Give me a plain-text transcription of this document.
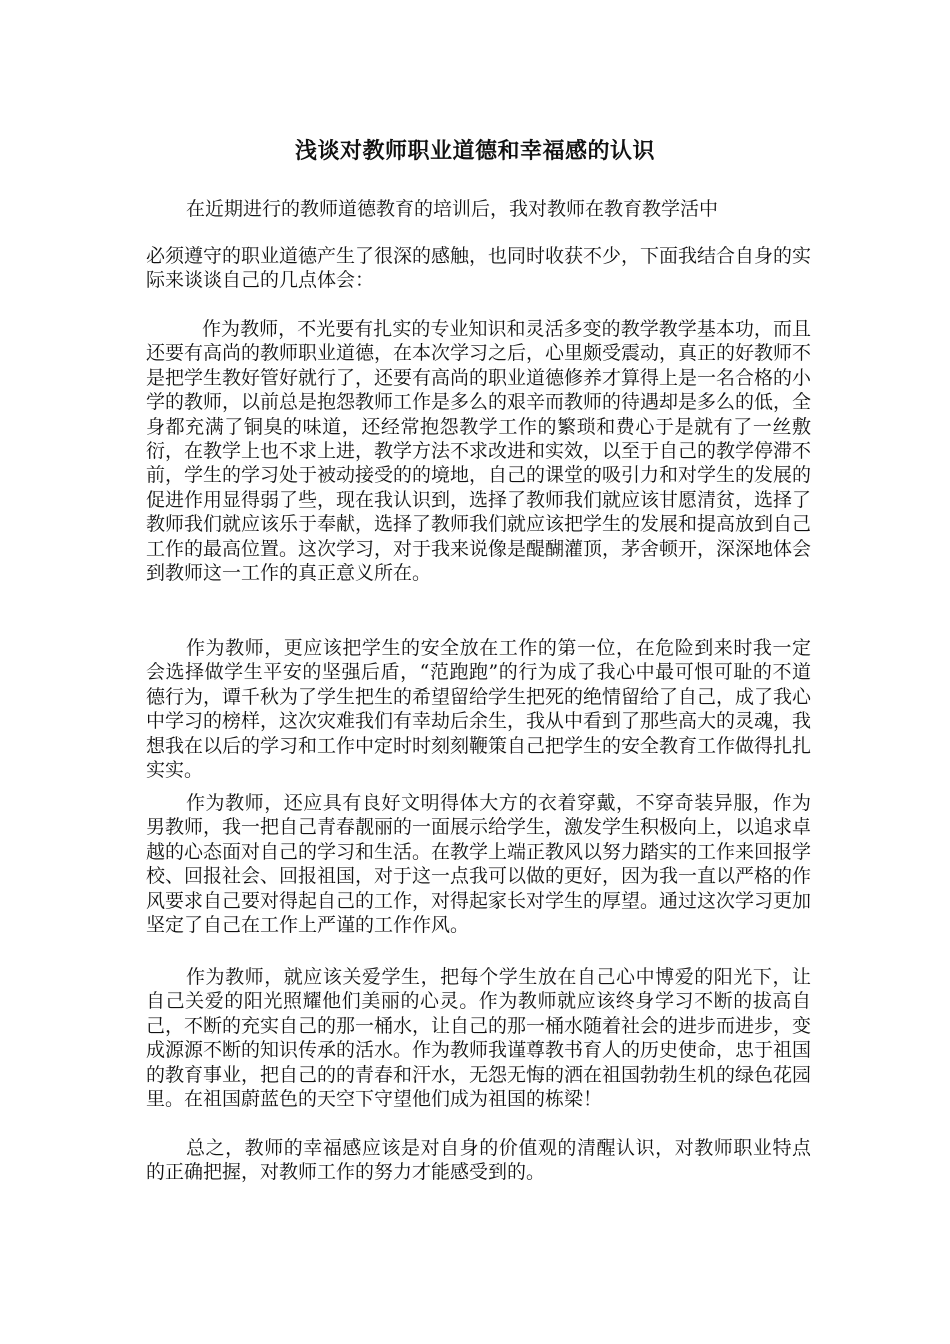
浅谈对教师职业道德和幸福感的认识

在近期进行的教师道德教育的培训后，我对教师在教育教学活中

必须遵守的职业道德产生了很深的感触，也同时收获不少，下面我结合自身的实际来谈谈自己的几点体会：

作为教师，不光要有扎实的专业知识和灵活多变的教学教学基本功，而且还要有高尚的教师职业道德，在本次学习之后，心里颇受震动，真正的好教师不是把学生教好管好就行了，还要有高尚的职业道德修养才算得上是一名合格的小学的教师，以前总是抱怨教师工作是多么的艰辛而教师的待遇却是多么的低，全身都充满了铜臭的味道，还经常抱怨教学工作的繁琐和费心于是就有了一丝敷衍，在教学上也不求上进，教学方法不求改进和实效，以至于自己的教学停滞不前，学生的学习处于被动接受的的境地，自己的课堂的吸引力和对学生的发展的促进作用显得弱了些，现在我认识到，选择了教师我们就应该甘愿清贫，选择了教师我们就应该乐于奉献，选择了教师我们就应该把学生的发展和提高放到自己工作的最高位置。这次学习，对于我来说像是醍醐灌顶，茅舍顿开，深深地体会到教师这一工作的真正意义所在。

作为教师，更应该把学生的安全放在工作的第一位，在危险到来时我一定会选择做学生平安的坚强后盾，“范跑跑”的行为成了我心中最可恨可耻的不道德行为，谭千秋为了学生把生的希望留给学生把死的绝情留给了自己，成了我心中学习的榜样，这次灾难我们有幸劫后余生，我从中看到了那些高大的灵魂，我想我在以后的学习和工作中定时时刻刻鞭策自己把学生的安全教育工作做得扎扎实实。

作为教师，还应具有良好文明得体大方的衣着穿戴，不穿奇装异服，作为男教师，我一把自己青春靓丽的一面展示给学生，激发学生积极向上，以追求卓越的心态面对自己的学习和生活。在教学上端正教风以努力踏实的工作来回报学校、回报社会、回报祖国，对于这一点我可以做的更好，因为我一直以严格的作风要求自己要对得起自己的工作，对得起家长对学生的厚望。通过这次学习更加坚定了自己在工作上严谨的工作作风。

作为教师，就应该关爱学生，把每个学生放在自己心中博爱的阳光下，让自己关爱的阳光照耀他们美丽的心灵。作为教师就应该终身学习不断的拔高自己，不断的充实自己的那一桶水，让自己的那一桶水随着社会的进步而进步，变成源源不断的知识传承的活水。作为教师我谨尊教书育人的历史使命，忠于祖国的教育事业，把自己的的青春和汗水，无怨无悔的洒在祖国勃勃生机的绿色花园里。在祖国蔚蓝色的天空下守望他们成为祖国的栋梁！

总之，教师的幸福感应该是对自身的价值观的清醒认识，对教师职业特点的正确把握，对教师工作的努力才能感受到的。
